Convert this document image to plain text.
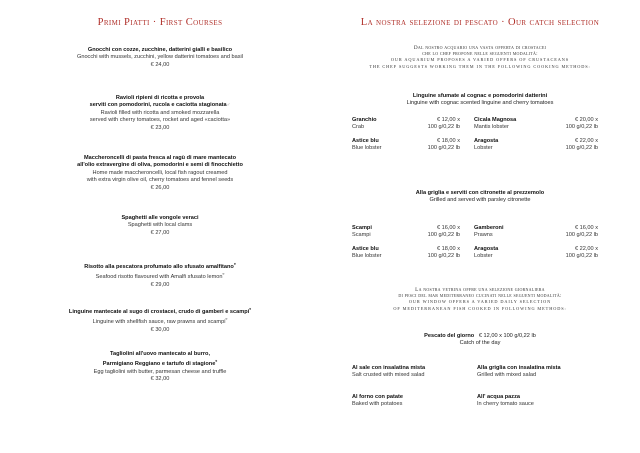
Primi Piatti · First Courses
Gnocchi con cozze, zucchine, datterini gialli e basilico
Gnocchi with mussels, zucchini, yellow datterini tomatoes and basil
€ 24,00
Ravioli ripieni di ricotta e provola
serviti con pomodorini, rucola e caciotta stagionata♂
Ravioli filled with ricotta and smoked mozzarella
served with cherry tomatoes, rocket and aged «caciotta»
€ 23,00
Maccheroncelli di pasta fresca al ragù di mare mantecato
all'olio extravergine di oliva, pomodorini e semi di finocchietto
Home made maccheroncelli, local fish ragout creamed
with extra virgin olive oil, cherry tomatoes and fennel seeds
€ 26,00
Spaghetti alle vongole veraci
Spaghetti with local clams
€ 27,00
Risotto alla pescatora profumato allo sfusato amalfitano¤
Seafood risotto flavoured with Amalfi sfusato lemon¤
€ 29,00
Linguine mantecate al sugo di crostacei, crudo di gamberi e scampi¤
Linguine with shellfish sauce, raw prawns and scampi¤
€ 30,00
Tagliolini all'uovo mantecato al burro,
Parmigiano Reggiano e tartufo di stagione¤
Egg tagliolini with butter, parmesan cheese and truffle
€ 32,00
La nostra selezione di pescato · Our catch selection
Dal nostro acquario una vasta offerta di crostacei
che lo chef propone nelle seguenti modalità:
OUR AQUARIUM PROPOSES A VARIED OFFERS OF CRUSTACEANS
THE CHEF SUGGESTS WORKING THEM IN THE FOLLOWING COOKING METHODS:
Linguine sfumate al cognac e pomodorini datterini
Linguine with cognac scented linguine and cherry tomatoes
Granchio
Crab
€ 12,00 x
100 g/0,22 lb
Cicala Magnosa
Mantis lobster
€ 20,00 x
100 g/0,22 lb
Astice blu
Blue lobster
€ 18,00 x
100 g/0,22 lb
Aragosta
Lobster
€ 22,00 x
100 g/0,22 lb
Alla griglia e serviti con citronette al prezzemolo
Grilled and served with parsley citronette
Scampi
Scampi
€ 16,00 x
100 g/0,22 lb
Gamberoni
Prawns
€ 16,00 x
100 g/0,22 lb
Astice blu
Blue lobster
€ 18,00 x
100 g/0,22 lb
Aragosta
Lobster
€ 22,00 x
100 g/0,22 lb
La nostra vetrina offre una selezione giornaliera
di pesci del mar mediterraneo cucinati nelle seguenti modalità:
OUR WINDOW OFFERS A VARIED DAILY SELECTION
OF MEDITERRANEAN FISH COOKED IN FOLLOWING METHODS:
Pescato del giorno € 12,00 x 100 g/0,22 lb
Catch of the day
Al sale con insalatina mista
Salt crusted with mixed salad
Alla griglia con insalatina mista
Grilled with mixed salad
Al forno con patate
Baked with potatoes
All' acqua pazza
In cherry tomato sauce
